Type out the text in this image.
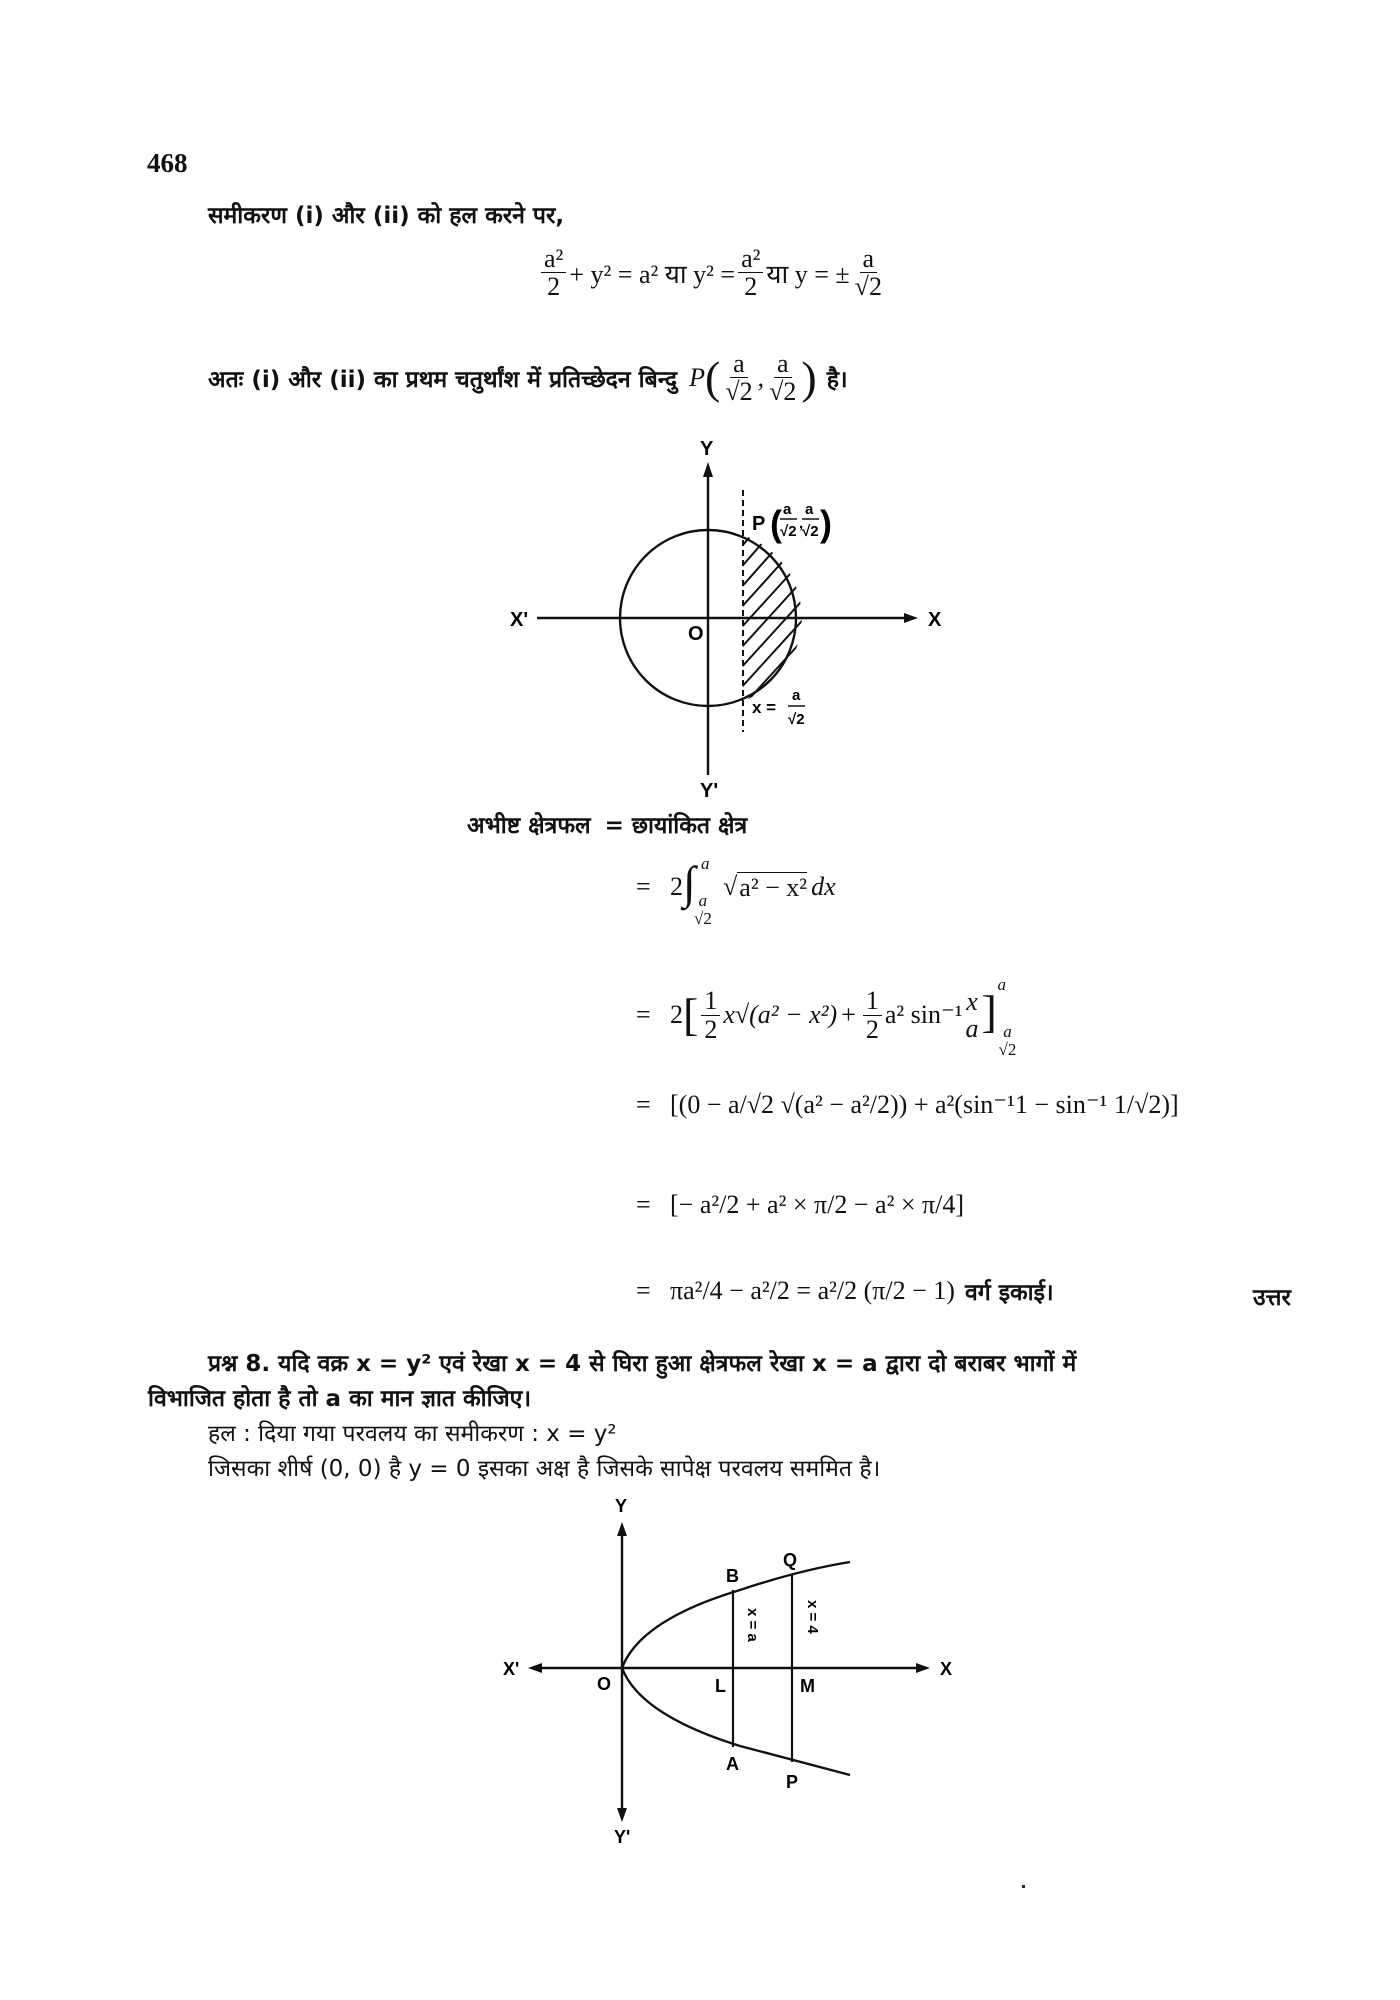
468
समीकरण (i) और (ii) को हल करने पर,
$\frac{\text{a²}}{2} + y^2 = a^2$ या $y^2 = \frac{\text{a²}}{2}$ या y = ± $\frac{a}{√2}$
अतः (i) और (ii) का प्रथम चतुर्थांश में प्रतिच्छेदन बिन्दु P ( $\frac{a}{√2}$ , $\frac{a}{√2}$ ) है।
Y
Y'
X
X'
O
P ( a
√2 ,
a
√2 )
x =
a
√2
अभीष्ट क्षेत्रफल = छायांकित क्षेत्र
= 2 ∫ a
a
√2
√
a² − x² dx
= 2 [ $\frac{1}{2} x√(a^2 - x^2) + \frac{1}{2} a^2$ sin⁻¹ x
a ]
a
a
√2
= [(0 − a/√2 √(a² − a²/2)) + a²(sin⁻¹1 − sin⁻¹ 1/√2)]
= [− a²/2 + a² × π/2 − a² × π/4]
= πa²/4 − a²/2 = a²/2 (π/2 − 1) वर्ग इकाई।	उत्तर
प्रश्न 8. यदि वक्र x = y² एवं रेखा x = 4 से घिरा हुआ क्षेत्रफल रेखा x = a द्वारा दो बराबर भागों में
विभाजित होता है तो a का मान ज्ञात कीजिए।
हल : दिया गया परवलय का समीकरण : x = y²
जिसका शीर्ष (0, 0) है y = 0 इसका अक्ष है जिसके सापेक्ष परवलय सममित है।
Y
Y'
X
X'
O
B
Q
L	M
A
P
x = a	x = 4
